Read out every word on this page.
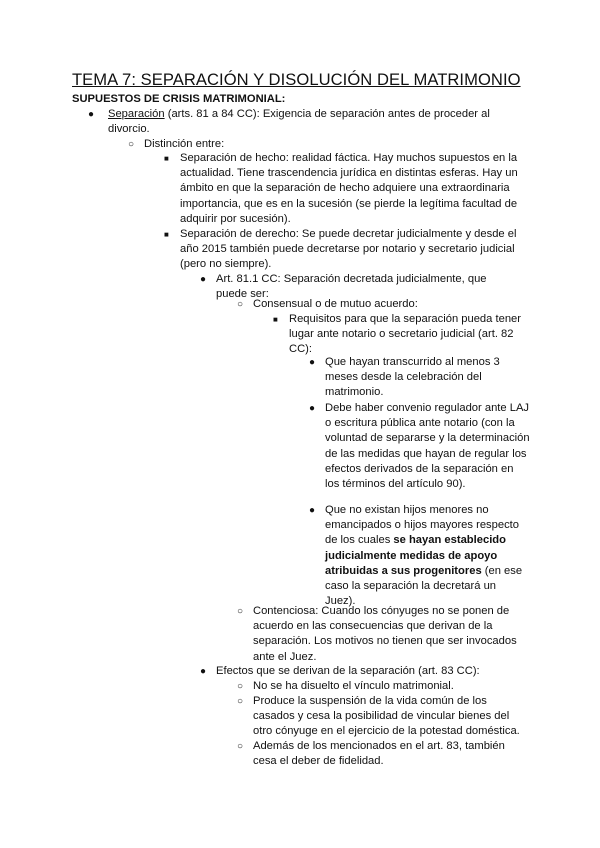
TEMA 7: SEPARACIÓN Y DISOLUCIÓN DEL MATRIMONIO
SUPUESTOS DE CRISIS MATRIMONIAL:
● Separación (arts. 81 a 84 CC): Exigencia de separación antes de proceder al divorcio.
○ Distinción entre:
■ Separación de hecho: realidad fáctica. Hay muchos supuestos en la actualidad. Tiene trascendencia jurídica en distintas esferas. Hay un ámbito en que la separación de hecho adquiere una extraordinaria importancia, que es en la sucesión (se pierde la legítima facultad de adquirir por sucesión).
■ Separación de derecho: Se puede decretar judicialmente y desde el año 2015 también puede decretarse por notario y secretario judicial (pero no siempre).
● Art. 81.1 CC: Separación decretada judicialmente, que puede ser:
○ Consensual o de mutuo acuerdo:
■ Requisitos para que la separación pueda tener lugar ante notario o secretario judicial (art. 82 CC):
● Que hayan transcurrido al menos 3 meses desde la celebración del matrimonio.
● Debe haber convenio regulador ante LAJ o escritura pública ante notario (con la voluntad de separarse y la determinación de las medidas que hayan de regular los efectos derivados de la separación en los términos del artículo 90).
● Que no existan hijos menores no emancipados o hijos mayores respecto de los cuales se hayan establecido judicialmente medidas de apoyo atribuidas a sus progenitores (en ese caso la separación la decretará un Juez).
○ Contenciosa: Cuando los cónyuges no se ponen de acuerdo en las consecuencias que derivan de la separación. Los motivos no tienen que ser invocados ante el Juez.
● Efectos que se derivan de la separación (art. 83 CC):
○ No se ha disuelto el vínculo matrimonial.
○ Produce la suspensión de la vida común de los casados y cesa la posibilidad de vincular bienes del otro cónyuge en el ejercicio de la potestad doméstica.
○ Además de los mencionados en el art. 83, también cesa el deber de fidelidad.
